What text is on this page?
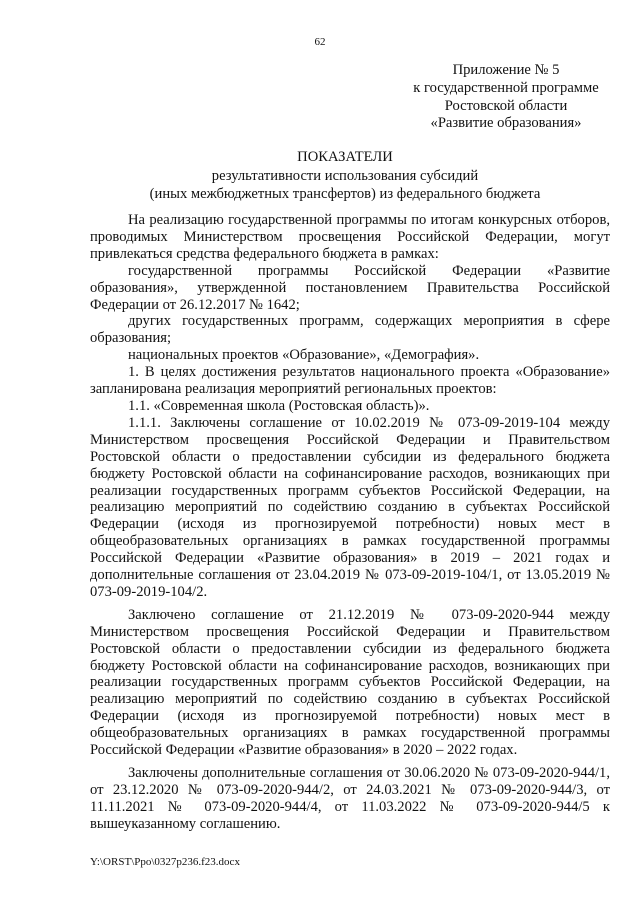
62
Приложение № 5
к государственной программе
Ростовской области
«Развитие образования»
ПОКАЗАТЕЛИ
результативности использования субсидий
(иных межбюджетных трансфертов) из федерального бюджета

На реализацию государственной программы по итогам конкурсных отборов, проводимых Министерством просвещения Российской Федерации, могут привлекаться средства федерального бюджета в рамках:

государственной программы Российской Федерации «Развитие образования», утвержденной постановлением Правительства Российской Федерации от 26.12.2017 № 1642;

других государственных программ, содержащих мероприятия в сфере образования;

национальных проектов «Образование», «Демография».

1. В целях достижения результатов национального проекта «Образование» запланирована реализация мероприятий региональных проектов:

1.1. «Современная школа (Ростовская область)».

1.1.1. Заключены соглашение от 10.02.2019 № 073-09-2019-104 между Министерством просвещения Российской Федерации и Правительством Ростовской области о предоставлении субсидии из федерального бюджета бюджету Ростовской области на софинансирование расходов, возникающих при реализации государственных программ субъектов Российской Федерации, на реализацию мероприятий по содействию созданию в субъектах Российской Федерации (исходя из прогнозируемой потребности) новых мест в общеобразовательных организациях в рамках государственной программы Российской Федерации «Развитие образования» в 2019 – 2021 годах и дополнительные соглашения от 23.04.2019 № 073-09-2019-104/1, от 13.05.2019 № 073-09-2019-104/2.

Заключено соглашение от 21.12.2019 № 073-09-2020-944 между Министерством просвещения Российской Федерации и Правительством Ростовской области о предоставлении субсидии из федерального бюджета бюджету Ростовской области на софинансирование расходов, возникающих при реализации государственных программ субъектов Российской Федерации, на реализацию мероприятий по содействию созданию в субъектах Российской Федерации (исходя из прогнозируемой потребности) новых мест в общеобразовательных организациях в рамках государственной программы Российской Федерации «Развитие образования» в 2020 – 2022 годах.

Заключены дополнительные соглашения от 30.06.2020 № 073-09-2020-944/1, от 23.12.2020 № 073-09-2020-944/2, от 24.03.2021 № 073-09-2020-944/3, от 11.11.2021 № 073-09-2020-944/4, от 11.03.2022 № 073-09-2020-944/5 к вышеуказанному соглашению.

Y:\ORST\Ppo\0327p236.f23.docx
